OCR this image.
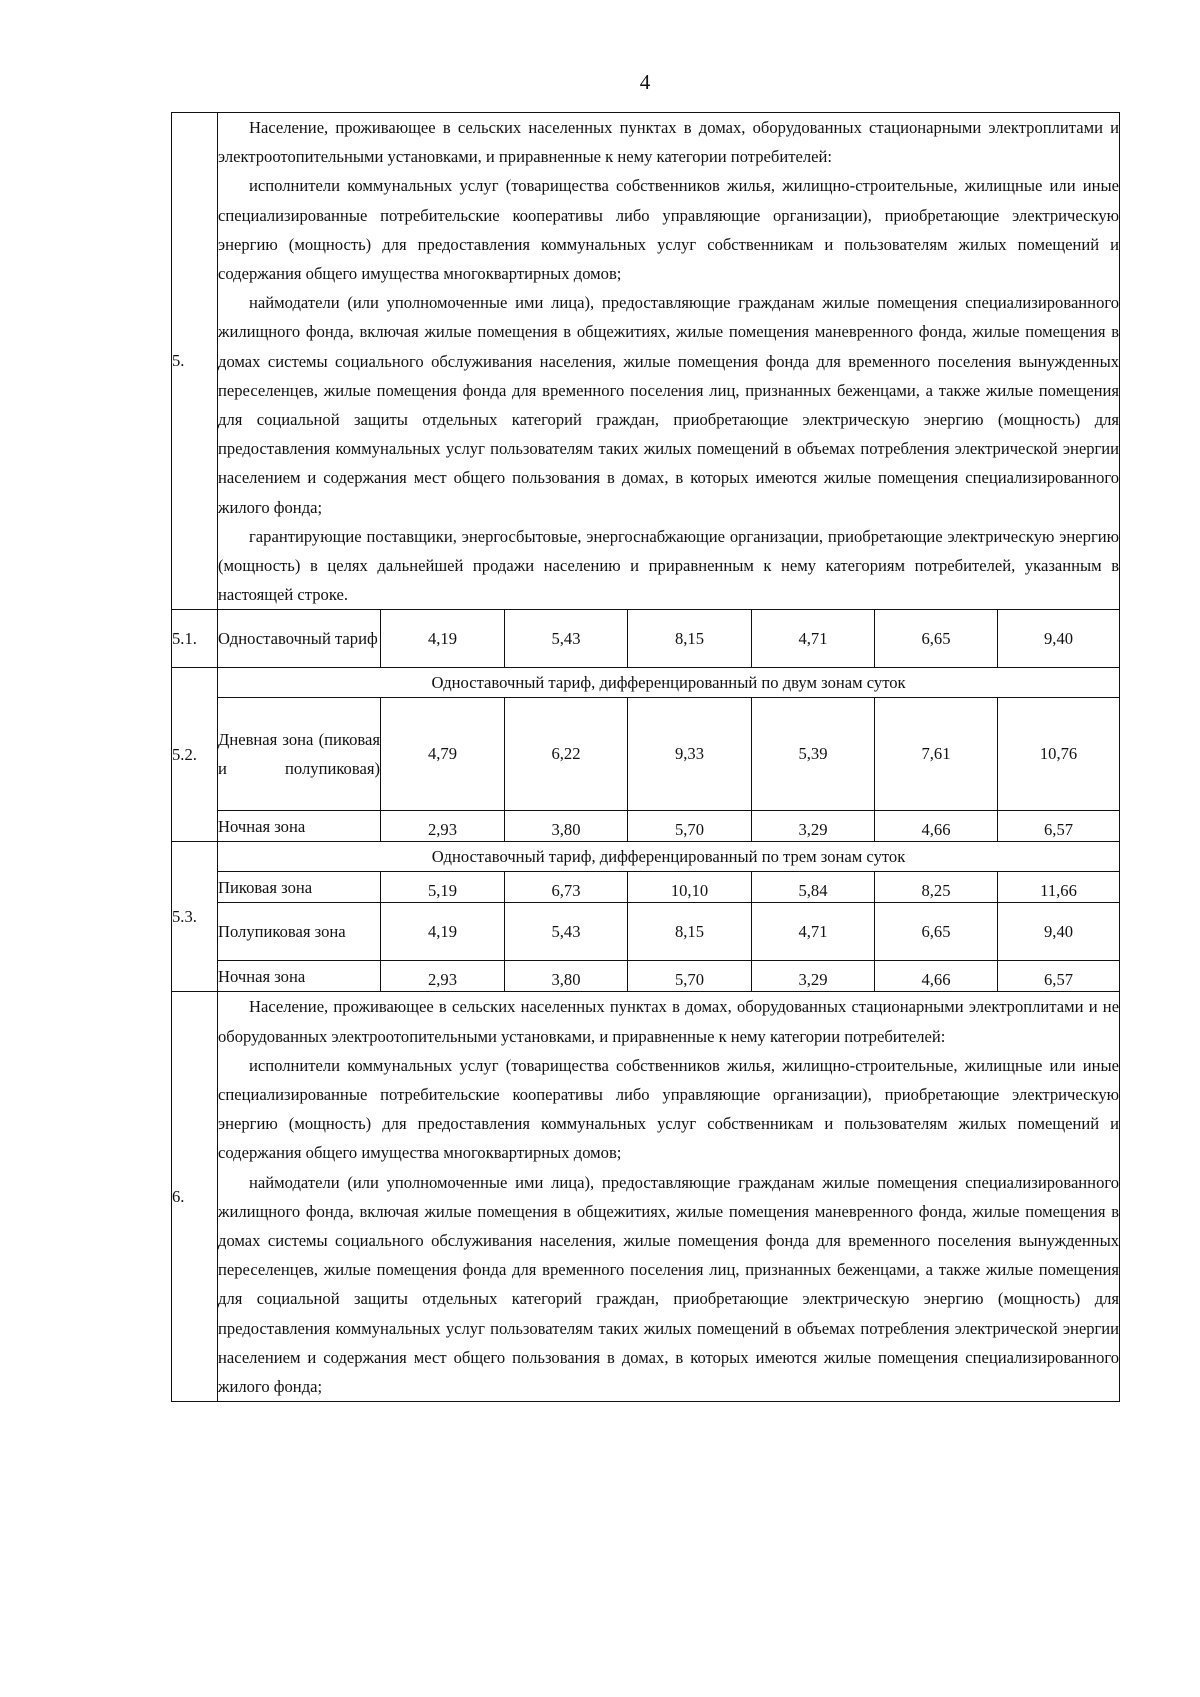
4
5.	Население, проживающее в сельских населенных пунктах в домах, оборудованных стационарными электроплитами и электроотопительными установками, и приравненные к нему категории потребителей:
исполнители коммунальных услуг (товарищества собственников жилья, жилищно-строительные, жилищные или иные специализированные потребительские кооперативы либо управляющие организации), приобретающие электрическую энергию (мощность) для предоставления коммунальных услуг собственникам и пользователям жилых помещений и содержания общего имущества многоквартирных домов;
наймодатели (или уполномоченные ими лица), предоставляющие гражданам жилые помещения специализированного жилищного фонда, включая жилые помещения в общежитиях, жилые помещения маневренного фонда, жилые помещения в домах системы социального обслуживания населения, жилые помещения фонда для временного поселения вынужденных переселенцев, жилые помещения фонда для временного поселения лиц, признанных беженцами, а также жилые помещения для социальной защиты отдельных категорий граждан, приобретающие электрическую энергию (мощность) для предоставления коммунальных услуг пользователям таких жилых помещений в объемах потребления электрической энергии населением и содержания мест общего пользования в домах, в которых имеются жилые помещения специализированного жилого фонда;
гарантирующие поставщики, энергосбытовые, энергоснабжающие организации, приобретающие электрическую энергию (мощность) в целях дальнейшей продажи населению и приравненным к нему категориям потребителей, указанным в настоящей строке.						

5.1.	Одноставочный тариф	4,19	5,43	8,15	4,71	6,65	9,40
5.2.	Одноставочный тариф, дифференцированный по двум зонам суток						
	Дневная зона (пиковая и полупиковая)	4,79	6,22	9,33	5,39	7,61	10,76
	Ночная зона	2,93	3,80	5,70	3,29	4,66	6,57
5.3.	Одноставочный тариф, дифференцированный по трем зонам суток						
	Пиковая зона	5,19	6,73	10,10	5,84	8,25	11,66
	Полупиковая зона	4,19	5,43	8,15	4,71	6,65	9,40
	Ночная зона	2,93	3,80	5,70	3,29	4,66	6,57
6.	Население, проживающее в сельских населенных пунктах в домах, оборудованных стационарными электроплитами и не оборудованных электроотопительными установками, и приравненные к нему категории потребителей:
исполнители коммунальных услуг (товарищества собственников жилья, жилищно-строительные, жилищные или иные специализированные потребительские кооперативы либо управляющие организации), приобретающие электрическую энергию (мощность) для предоставления коммунальных услуг собственникам и пользователям жилых помещений и содержания общего имущества многоквартирных домов;
наймодатели (или уполномоченные ими лица), предоставляющие гражданам жилые помещения специализированного жилищного фонда, включая жилые помещения в общежитиях, жилые помещения маневренного фонда, жилые помещения в домах системы социального обслуживания населения, жилые помещения фонда для временного поселения вынужденных переселенцев, жилые помещения фонда для временного поселения лиц, признанных беженцами, а также жилые помещения для социальной защиты отдельных категорий граждан, приобретающие электрическую энергию (мощность) для предоставления коммунальных услуг пользователям таких жилых помещений в объемах потребления электрической энергии населением и содержания мест общего пользования в домах, в которых имеются жилые помещения специализированного жилого фонда;						
